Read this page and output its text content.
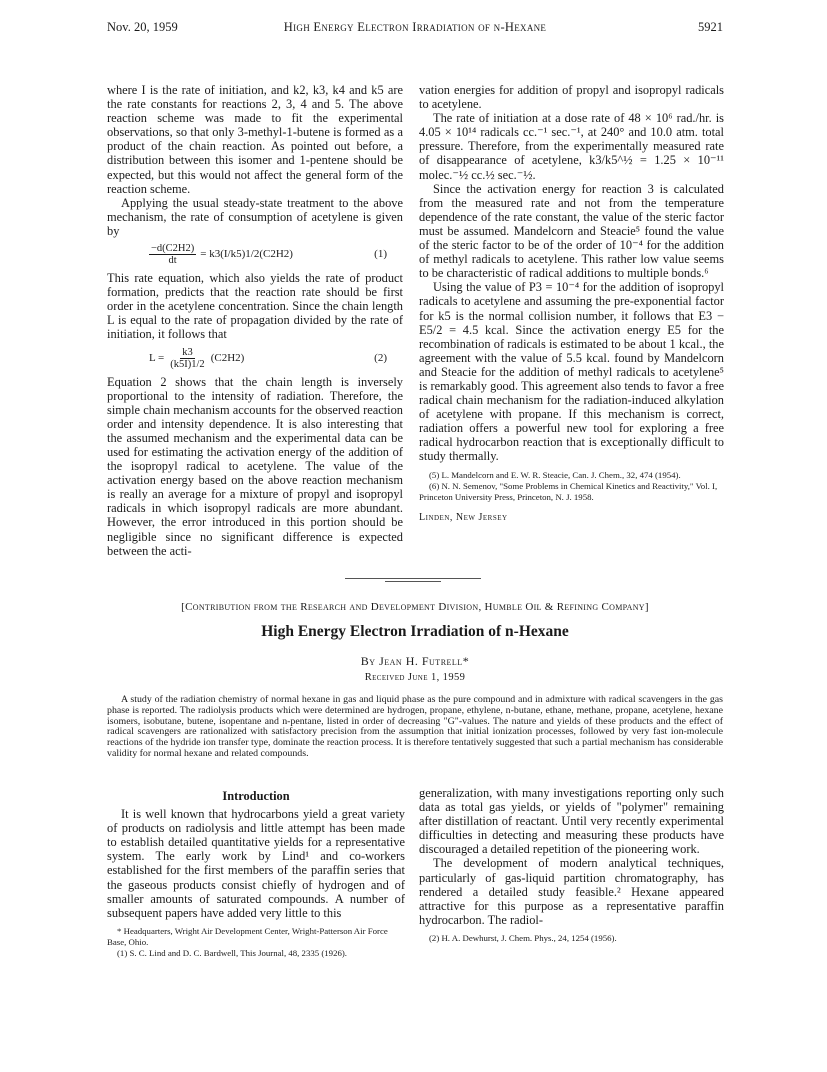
Nov. 20, 1959	High Energy Electron Irradiation of n-Hexane	5921

where I is the rate of initiation, and k2, k3, k4 and k5 are the rate constants for reactions 2, 3, 4 and 5. The above reaction scheme was made to fit the experimental observations, so that only 3-methyl-1-butene is formed as a product of the chain reaction. As pointed out before, a distribution between this isomer and 1-pentene should be expected, but this would not affect the general form of the reaction scheme.

Applying the usual steady-state treatment to the above mechanism, the rate of consumption of acetylene is given by

$\frac{-d(C2H2)}{dt} = k3(I/k5)1/2(C2H2)$	(1)

This rate equation, which also yields the rate of product formation, predicts that the reaction rate should be first order in the acetylene concentration. Since the chain length L is equal to the rate of propagation divided by the rate of initiation, it follows that

$L = \frac{k3}{(k5I)1/2} (C2H2)$	(2)

Equation 2 shows that the chain length is inversely proportional to the intensity of radiation. Therefore, the simple chain mechanism accounts for the observed reaction order and intensity dependence. It is also interesting that the assumed mechanism and the experimental data can be used for estimating the activation energy of the addition of the isopropyl radical to acetylene. The value of the activation energy based on the above reaction mechanism is really an average for a mixture of propyl and isopropyl radicals in which isopropyl radicals are more abundant. However, the error introduced in this portion should be negligible since no significant difference is expected between the acti-

vation energies for addition of propyl and isopropyl radicals to acetylene.

The rate of initiation at a dose rate of 48 × 10⁶ rad./hr. is 4.05 × 10¹⁴ radicals cc.⁻¹ sec.⁻¹, at 240° and 10.0 atm. total pressure. Therefore, from the experimentally measured rate of disappearance of acetylene, k3/k5^½ = 1.25 × 10⁻¹¹ molec.⁻½ cc.½ sec.⁻½.

Since the activation energy for reaction 3 is calculated from the measured rate and not from the temperature dependence of the rate constant, the value of the steric factor must be assumed. Mandelcorn and Steacie⁵ found the value of the steric factor to be of the order of 10⁻⁴ for the addition of methyl radicals to acetylene. This rather low value seems to be characteristic of radical additions to multiple bonds.⁶

Using the value of P3 = 10⁻⁴ for the addition of isopropyl radicals to acetylene and assuming the pre-exponential factor for k5 is the normal collision number, it follows that E3 − E5/2 = 4.5 kcal. Since the activation energy E5 for the recombination of radicals is estimated to be about 1 kcal., the agreement with the value of 5.5 kcal. found by Mandelcorn and Steacie for the addition of methyl radicals to acetylene⁵ is remarkably good. This agreement also tends to favor a free radical chain mechanism for the radiation-induced alkylation of acetylene with propane. If this mechanism is correct, radiation offers a powerful new tool for exploring a free radical hydrocarbon reaction that is exceptionally difficult to study thermally.

(5) L. Mandelcorn and E. W. R. Steacie, Can. J. Chem., 32, 474 (1954).
(6) N. N. Semenov, "Some Problems in Chemical Kinetics and Reactivity," Vol. I, Princeton University Press, Princeton, N. J. 1958.
Linden, New Jersey
[Contribution from the Research and Development Division, Humble Oil & Refining Company]
High Energy Electron Irradiation of n-Hexane
By Jean H. Futrell*
Received June 1, 1959
A study of the radiation chemistry of normal hexane in gas and liquid phase as the pure compound and in admixture with radical scavengers in the gas phase is reported. The radiolysis products which were determined are hydrogen, propane, ethylene, n-butane, ethane, methane, propane, acetylene, hexane isomers, isobutane, butene, isopentane and n-pentane, listed in order of decreasing "G"-values. The nature and yields of these products and the effect of radical scavengers are rationalized with satisfactory precision from the assumption that initial ionization processes, followed by very fast ion-molecule reactions of the hydride ion transfer type, dominate the reaction process. It is therefore tentatively suggested that such a partial mechanism has considerable validity for normal hexane and related compounds.
Introduction

It is well known that hydrocarbons yield a great variety of products on radiolysis and little attempt has been made to establish detailed quantitative yields for a representative system. The early work by Lind¹ and co-workers established for the first members of the paraffin series that the gaseous products consist chiefly of hydrogen and of smaller amounts of saturated compounds. A number of subsequent papers have added very little to this

* Headquarters, Wright Air Development Center, Wright-Patterson Air Force Base, Ohio.
(1) S. C. Lind and D. C. Bardwell, This Journal, 48, 2335 (1926).

generalization, with many investigations reporting only such data as total gas yields, or yields of "polymer" remaining after distillation of reactant. Until very recently experimental difficulties in detecting and measuring these products have discouraged a detailed repetition of the pioneering work.

The development of modern analytical techniques, particularly of gas-liquid partition chromatography, has rendered a detailed study feasible.² Hexane appeared attractive for this purpose as a representative paraffin hydrocarbon. The radiol-

(2) H. A. Dewhurst, J. Chem. Phys., 24, 1254 (1956).
